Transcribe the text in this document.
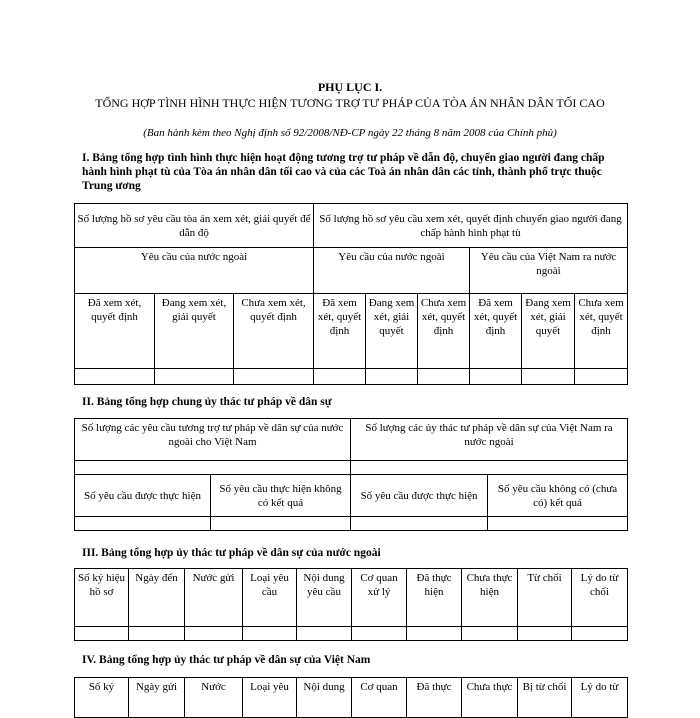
PHỤ LỤC I.
TỔNG HỢP TÌNH HÌNH THỰC HIỆN TƯƠNG TRỢ TƯ PHÁP CỦA TÒA ÁN NHÂN DÂN TỐI CAO
(Ban hành kèm theo Nghị định số 92/2008/NĐ-CP ngày 22 tháng 8 năm 2008 của Chính phủ)
I. Bảng tổng hợp tình hình thực hiện hoạt động tương trợ tư pháp về dẫn độ, chuyển giao người đang chấp hành hình phạt tù của Tòa án nhân dân tối cao và của các Toà án nhân dân các tỉnh, thành phố trực thuộc Trung ương
Số lượng hồ sơ yêu cầu tòa án xem xét, giải quyết để dẫn độ			Số lượng hồ sơ yêu cầu xem xét, quyết định chuyển giao người đang chấp hành hình phạt tù					
Yêu cầu của nước ngoài			Yêu cầu của nước ngoài			Yêu cầu của Việt Nam ra nước ngoài		
Đã xem xét, quyết định	Đang xem xét, giải quyết	Chưa xem xét, quyết định	Đã xem xét, quyết định	Đang xem xét, giải quyết	Chưa xem xét, quyết định	Đã xem xét, quyết định	Đang xem xét, giải quyết	Chưa xem xét, quyết định

II. Bảng tổng hợp chung ủy thác tư pháp về dân sự
Số lượng các yêu cầu tương trợ tư pháp về dân sự của nước ngoài cho Việt Nam		Số lượng các ủy thác tư pháp về dân sự của Việt Nam ra nước ngoài	

Số yêu cầu được thực hiện	Số yêu cầu thực hiện không có kết quả	Số yêu cầu được thực hiện	Số yêu cầu không có (chưa có) kết quả

III. Bảng tổng hợp ủy thác tư pháp về dân sự của nước ngoài
Số ký hiệu hồ sơ	Ngày đến	Nước gửi	Loại yêu cầu	Nội dung yêu cầu	Cơ quan xử lý	Đã thực hiện	Chưa thực hiện	Từ chối	Lý do từ chối

IV. Bảng tổng hợp ủy thác tư pháp về dân sự của Việt Nam
Số ký	Ngày gửi	Nước	Loại yêu	Nội dung	Cơ quan	Đã thực	Chưa thực	Bị từ chối	Lý do từ
